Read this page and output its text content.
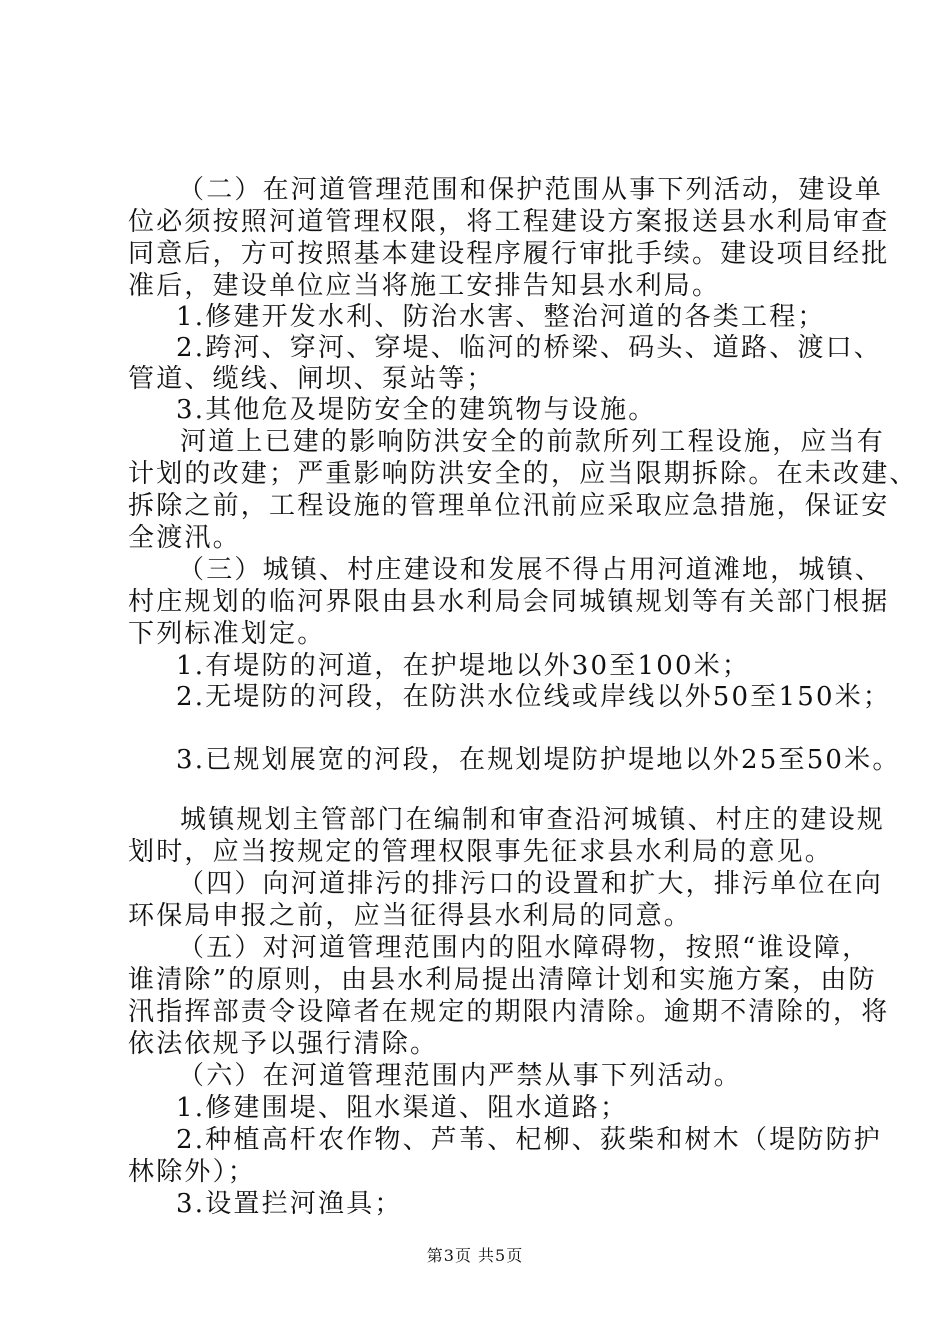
（二）在河道管理范围和保护范围从事下列活动，建设单
位必须按照河道管理权限，将工程建设方案报送县水利局审查
同意后，方可按照基本建设程序履行审批手续。建设项目经批
准后，建设单位应当将施工安排告知县水利局。
1.修建开发水利、防治水害、整治河道的各类工程；
2.跨河、穿河、穿堤、临河的桥梁、码头、道路、渡口、
管道、缆线、闸坝、泵站等；
3.其他危及堤防安全的建筑物与设施。
河道上已建的影响防洪安全的前款所列工程设施，应当有
计划的改建；严重影响防洪安全的，应当限期拆除。在未改建、
拆除之前，工程设施的管理单位汛前应采取应急措施，保证安
全渡汛。
（三）城镇、村庄建设和发展不得占用河道滩地，城镇、
村庄规划的临河界限由县水利局会同城镇规划等有关部门根据
下列标准划定。
1.有堤防的河道，在护堤地以外30至100米；
2.无堤防的河段，在防洪水位线或岸线以外50至150米；
3.已规划展宽的河段，在规划堤防护堤地以外25至50米。
城镇规划主管部门在编制和审查沿河城镇、村庄的建设规
划时，应当按规定的管理权限事先征求县水利局的意见。
（四）向河道排污的排污口的设置和扩大，排污单位在向
环保局申报之前，应当征得县水利局的同意。
（五）对河道管理范围内的阻水障碍物，按照“谁设障，
谁清除”的原则，由县水利局提出清障计划和实施方案，由防
汛指挥部责令设障者在规定的期限内清除。逾期不清除的，将
依法依规予以强行清除。
（六）在河道管理范围内严禁从事下列活动。
1.修建围堤、阻水渠道、阻水道路；
2.种植高杆农作物、芦苇、杞柳、荻柴和树木（堤防防护
林除外）；
3.设置拦河渔具；
第3页 共5页
